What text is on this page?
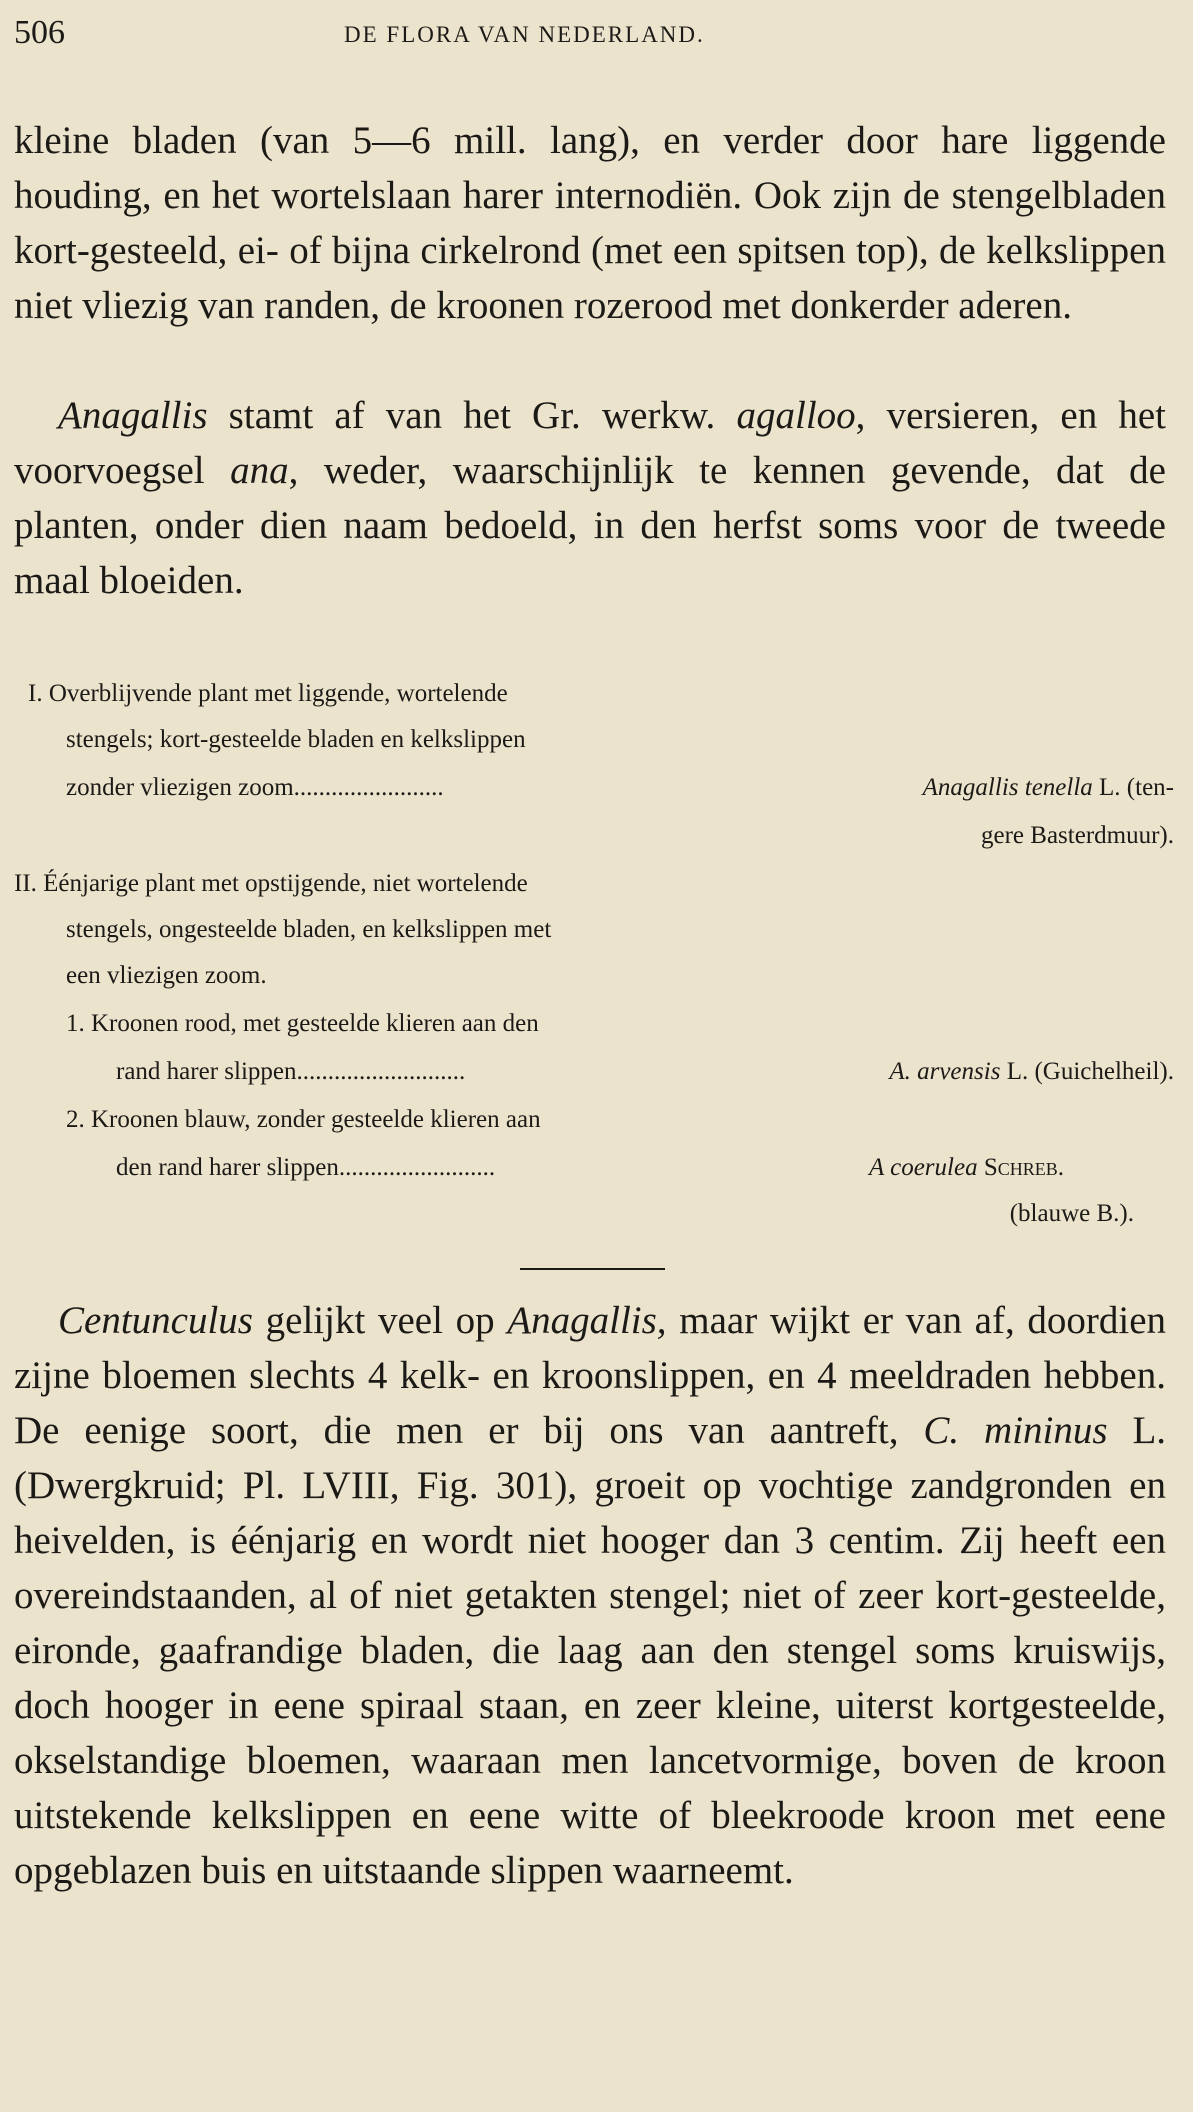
506	DE FLORA VAN NEDERLAND.

kleine bladen (van 5—6 mill. lang), en verder door hare liggende houding, en het wortelslaan harer internodiën. Ook zijn de stengelbladen kort-gesteeld, ei- of bijna cirkelrond (met een spitsen top), de kelkslippen niet vliezig van randen, de kroonen rozerood met donkerder aderen.

Anagallis stamt af van het Gr. werkw. agalloo, versieren, en het voorvoegsel ana, weder, waarschijnlijk te kennen gevende, dat de planten, onder dien naam bedoeld, in den herfst soms voor de tweede maal bloeiden.

I. Overblijvende plant met liggende, wortelende
stengels; kort-gesteelde bladen en kelkslippen
zonder vliezigen zoom........................	Anagallis tenella L. (ten-
gere Basterdmuur).
II. Éénjarige plant met opstijgende, niet wortelende
stengels, ongesteelde bladen, en kelkslippen met
een vliezigen zoom.
1. Kroonen rood, met gesteelde klieren aan den
rand harer slippen...........................	A. arvensis L. (Guichelheil).
2. Kroonen blauw, zonder gesteelde klieren aan
den rand harer slippen.........................	A coerulea Schreb.
(blauwe B.).

Centunculus gelijkt veel op Anagallis, maar wijkt er van af, doordien zijne bloemen slechts 4 kelk- en kroonslippen, en 4 meeldraden hebben. De eenige soort, die men er bij ons van aantreft, C. mininus L. (Dwergkruid; Pl. LVIII, Fig. 301), groeit op vochtige zandgronden en heivelden, is éénjarig en wordt niet hooger dan 3 centim. Zij heeft een overeindstaanden, al of niet getakten stengel; niet of zeer kort-gesteelde, eironde, gaafrandige bladen, die laag aan den stengel soms kruiswijs, doch hooger in eene spiraal staan, en zeer kleine, uiterst kortgesteelde, okselstandige bloemen, waaraan men lancetvormige, boven de kroon uitstekende kelkslippen en eene witte of bleekroode kroon met eene opgeblazen buis en uitstaande slippen waarneemt.
